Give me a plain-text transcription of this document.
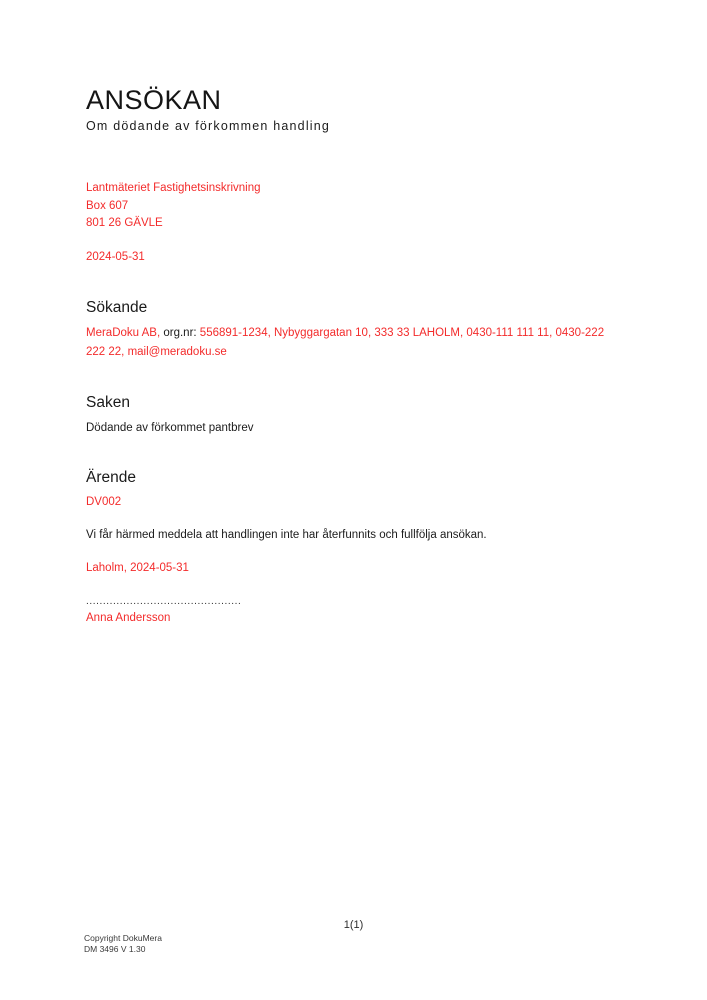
ANSÖKAN
Om dödande av förkommen handling
Lantmäteriet Fastighetsinskrivning
Box 607
801 26 GÄVLE
2024-05-31
Sökande
MeraDoku AB, org.nr: 556891-1234, Nybyggargatan 10, 333 33 LAHOLM, 0430-111 111 11, 0430-222 222 22, mail@meradoku.se
Saken
Dödande av förkommet pantbrev
Ärende
DV002
Vi får härmed meddela att handlingen inte har återfunnits och fullfölja ansökan.
Laholm, 2024-05-31
..............................................
Anna Andersson
1(1)
Copyright DokuMera
DM 3496 V 1.30
